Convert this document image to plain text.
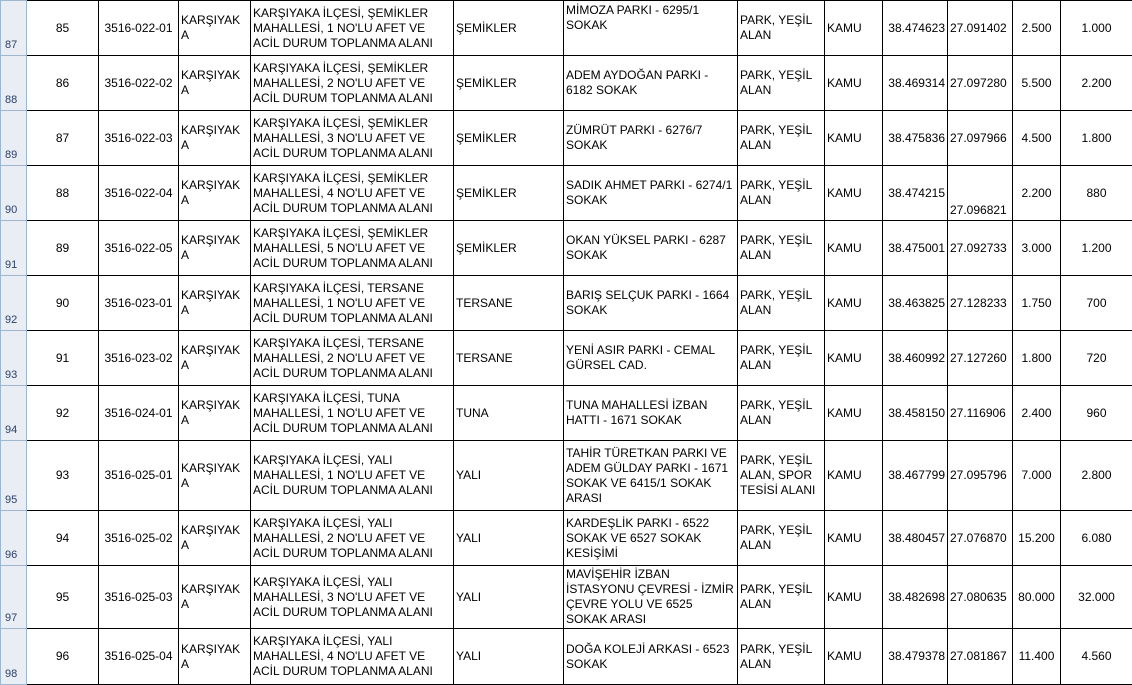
87	85	3516-022-01	KARŞIYAKA	KARŞIYAKA İLÇESİ, ŞEMİKLER MAHALLESİ, 1 NO'LU AFET VE ACİL DURUM TOPLANMA ALANI	ŞEMİKLER	MİMOZA PARKI - 6295/1 SOKAK	PARK, YEŞİL ALAN	KAMU	38.474623	27.091402	2.500	1.000
88	86	3516-022-02	KARŞIYAKA	KARŞIYAKA İLÇESİ, ŞEMİKLER MAHALLESİ, 2 NO'LU AFET VE ACİL DURUM TOPLANMA ALANI	ŞEMİKLER	ADEM AYDOĞAN PARKI - 6182 SOKAK	PARK, YEŞİL ALAN	KAMU	38.469314	27.097280	5.500	2.200
89	87	3516-022-03	KARŞIYAKA	KARŞIYAKA İLÇESİ, ŞEMİKLER MAHALLESİ, 3 NO'LU AFET VE ACİL DURUM TOPLANMA ALANI	ŞEMİKLER	ZÜMRÜT PARKI - 6276/7 SOKAK	PARK, YEŞİL ALAN	KAMU	38.475836	27.097966	4.500	1.800
90	88	3516-022-04	KARŞIYAKA	KARŞIYAKA İLÇESİ, ŞEMİKLER MAHALLESİ, 4 NO'LU AFET VE ACİL DURUM TOPLANMA ALANI	ŞEMİKLER	SADIK AHMET PARKI - 6274/1 SOKAK	PARK, YEŞİL ALAN	KAMU	38.474215	27.096821	2.200	880
91	89	3516-022-05	KARŞIYAKA	KARŞIYAKA İLÇESİ, ŞEMİKLER MAHALLESİ, 5 NO'LU AFET VE ACİL DURUM TOPLANMA ALANI	ŞEMİKLER	OKAN YÜKSEL PARKI - 6287 SOKAK	PARK, YEŞİL ALAN	KAMU	38.475001	27.092733	3.000	1.200
92	90	3516-023-01	KARŞIYAKA	KARŞIYAKA İLÇESİ, TERSANE MAHALLESİ, 1 NO'LU AFET VE ACİL DURUM TOPLANMA ALANI	TERSANE	BARIŞ SELÇUK PARKI - 1664 SOKAK	PARK, YEŞİL ALAN	KAMU	38.463825	27.128233	1.750	700
93	91	3516-023-02	KARŞIYAKA	KARŞIYAKA İLÇESİ, TERSANE MAHALLESİ, 2 NO'LU AFET VE ACİL DURUM TOPLANMA ALANI	TERSANE	YENİ ASIR PARKI - CEMAL GÜRSEL CAD.	PARK, YEŞİL ALAN	KAMU	38.460992	27.127260	1.800	720
94	92	3516-024-01	KARŞIYAKA	KARŞIYAKA İLÇESİ, TUNA MAHALLESİ, 1 NO'LU AFET VE ACİL DURUM TOPLANMA ALANI	TUNA	TUNA MAHALLESİ İZBAN HATTI - 1671 SOKAK	PARK, YEŞİL ALAN	KAMU	38.458150	27.116906	2.400	960
95	93	3516-025-01	KARŞIYAKA	KARŞIYAKA İLÇESİ, YALI MAHALLESİ, 1 NO'LU AFET VE ACİL DURUM TOPLANMA ALANI	YALI	TAHİR TÜRETKAN PARKI VE ADEM GÜLDAY PARKI - 1671 SOKAK VE 6415/1 SOKAK ARASI	PARK, YEŞİL ALAN, SPOR TESİSİ ALANI	KAMU	38.467799	27.095796	7.000	2.800
96	94	3516-025-02	KARŞIYAKA	KARŞIYAKA İLÇESİ, YALI MAHALLESİ, 2 NO'LU AFET VE ACİL DURUM TOPLANMA ALANI	YALI	KARDEŞLİK PARKI - 6522 SOKAK VE 6527 SOKAK KESİŞİMİ	PARK, YEŞİL ALAN	KAMU	38.480457	27.076870	15.200	6.080
97	95	3516-025-03	KARŞIYAKA	KARŞIYAKA İLÇESİ, YALI MAHALLESİ, 3 NO'LU AFET VE ACİL DURUM TOPLANMA ALANI	YALI	MAVİŞEHİR İZBAN İSTASYONU ÇEVRESİ - İZMİR ÇEVRE YOLU VE 6525 SOKAK ARASI	PARK, YEŞİL ALAN	KAMU	38.482698	27.080635	80.000	32.000
98	96	3516-025-04	KARŞIYAKA	KARŞIYAKA İLÇESİ, YALI MAHALLESİ, 4 NO'LU AFET VE ACİL DURUM TOPLANMA ALANI	YALI	DOĞA KOLEJİ ARKASI - 6523 SOKAK	PARK, YEŞİL ALAN	KAMU	38.479378	27.081867	11.400	4.560
